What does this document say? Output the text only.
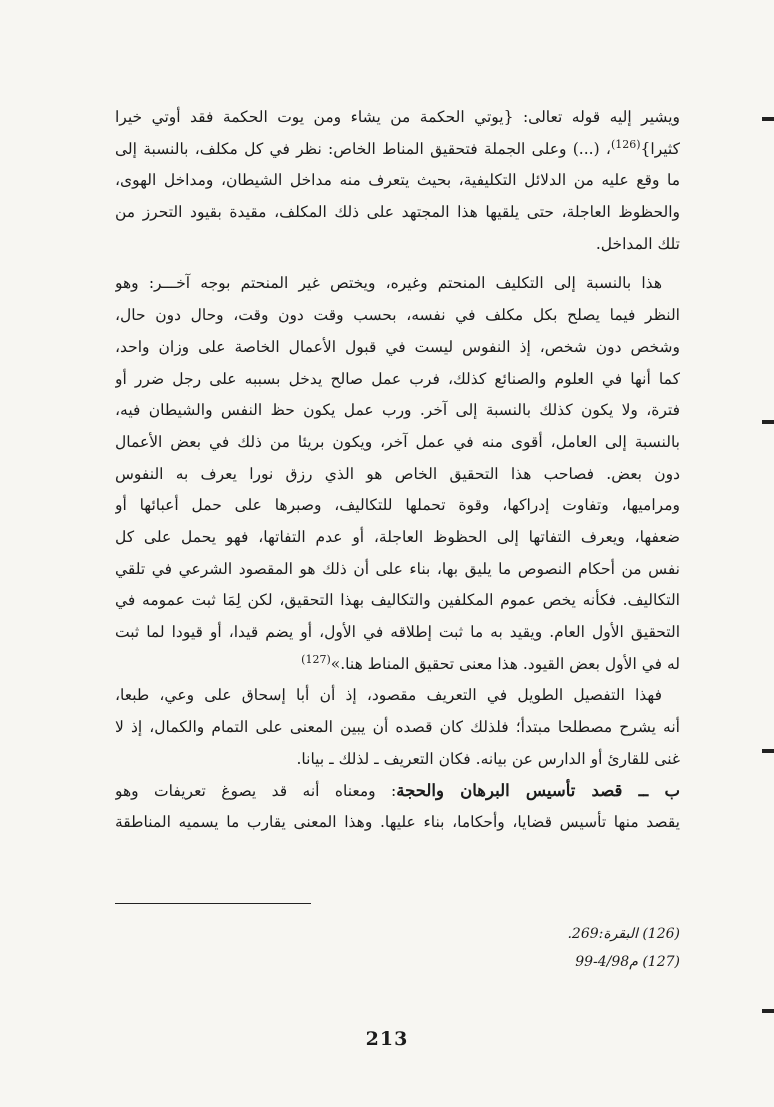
ويشير إليه قوله تعالى: {يوتي الحكمة من يشاء ومن يوت الحكمة فقد أوتي خيرا
كثيرا}$^{(126)}$، (...) وعلى الجملة فتحقيق المناط الخاص: نظر في كل مكلف، بالنسبة إلى
ما وقع عليه من الدلائل التكليفية، بحيث يتعرف منه مداخل الشيطان، ومداخل الهوى،
والحظوظ العاجلة، حتى يلقيها هذا المجتهد على ذلك المكلف، مقيدة بقيود التحرز من
تلك المداخل.
هذا بالنسبة إلى التكليف المنحتم وغيره، ويختص غير المنحتم بوجه آخـــر: وهو
النظر فيما يصلح بكل مكلف في نفسه، بحسب وقت دون وقت، وحال دون حال،
وشخص دون شخص، إذ النفوس ليست في قبول الأعمال الخاصة على وزان واحد،
كما أنها في العلوم والصنائع كذلك، فرب عمل صالح يدخل بسببه على رجل ضرر أو
فترة، ولا يكون كذلك بالنسبة إلى آخر. ورب عمل يكون حظ النفس والشيطان فيه،
بالنسبة إلى العامل، أقوى منه في عمل آخر، ويكون بريئا من ذلك في بعض الأعمال
دون بعض. فصاحب هذا التحقيق الخاص هو الذي رزق نورا يعرف به النفوس
ومراميها، وتفاوت إدراكها، وقوة تحملها للتكاليف، وصبرها على حمل أعبائها أو
ضعفها، ويعرف التفاتها إلى الحظوظ العاجلة، أو عدم التفاتها، فهو يحمل على كل
نفس من أحكام النصوص ما يليق بها، بناء على أن ذلك هو المقصود الشرعي في تلقي
التكاليف. فكأنه يخص عموم المكلفين والتكاليف بهذا التحقيق، لكن لِمَا ثبت عمومه في
التحقيق الأول العام. ويقيد به ما ثبت إطلاقه في الأول، أو يضم قيدا، أو قيودا لما ثبت
له في الأول بعض القيود. هذا معنى تحقيق المناط هنا.»$^{(127)}$
فهذا التفصيل الطويل في التعريف مقصود، إذ أن أبا إسحاق على وعي، طبعا،
أنه يشرح مصطلحا مبتدأ؛ فلذلك كان قصده أن يبين المعنى على التمام والكمال، إذ لا
غنى للقارئ أو الدارس عن بيانه. فكان التعريف ـ لذلك ـ بيانا.
ب ــ قصد تأسيس البرهان والحجة: ومعناه أنه قد يصوغ تعريفات وهو
يقصد منها تأسيس قضايا، وأحكاما، بناء عليها. وهذا المعنى يقارب ما يسميه المناطقة
(126) البقرة:269.
(127) م4/98-99
213
